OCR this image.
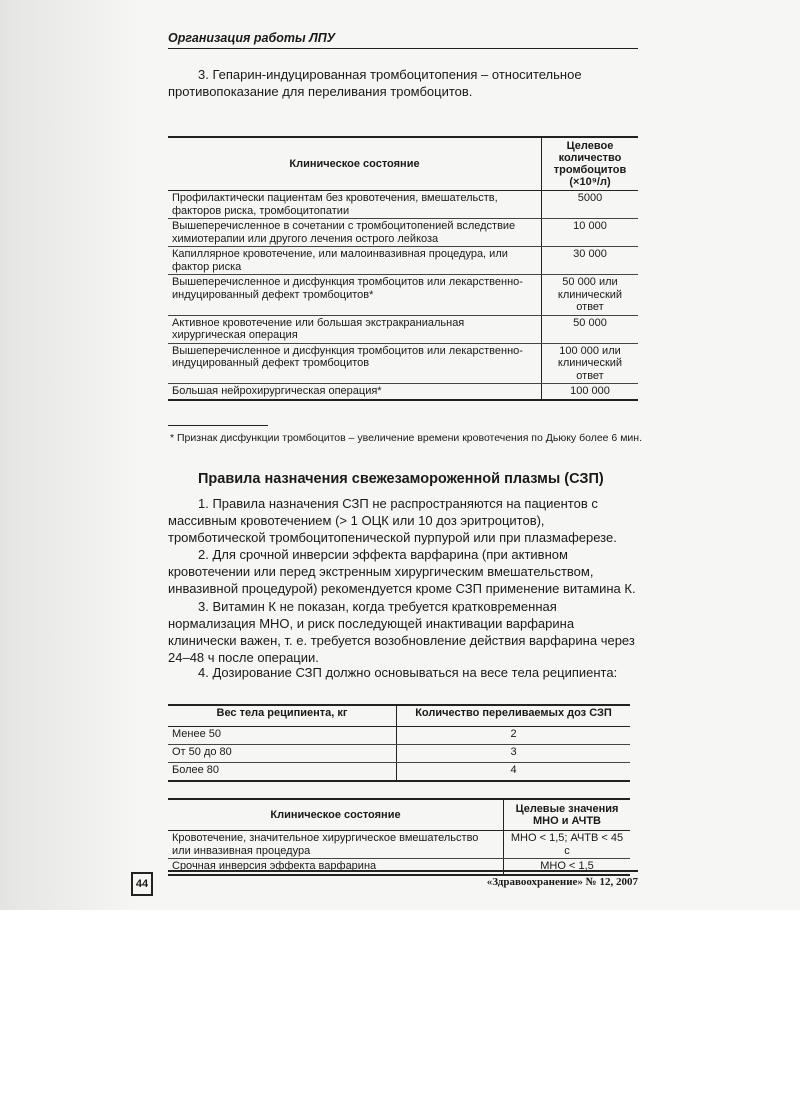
Организация работы ЛПУ
3. Гепарин-индуцированная тромбоцитопения – относительное противопоказание для переливания тромбоцитов.
Клиническое состояние	Целевое количество тромбоцитов (×10⁹/л)
Профилактически пациентам без кровотечения, вмешательств, факторов риска, тромбоцитопатии	5000
Вышеперечисленное в сочетании с тромбоцитопенией вследствие химиотерапии или другого лечения острого лейкоза	10 000
Капиллярное кровотечение, или малоинвазивная процедура, или фактор риска	30 000
Вышеперечисленное и дисфункция тромбоцитов или лекарственно-индуцированный дефект тромбоцитов*	50 000 или клинический ответ
Активное кровотечение или большая экстракраниальная хирургическая операция	50 000
Вышеперечисленное и дисфункция тромбоцитов или лекарственно-индуцированный дефект тромбоцитов	100 000 или клинический ответ
Большая нейрохирургическая операция*	100 000
* Признак дисфункции тромбоцитов – увеличение времени кровотечения по Дьюку более 6 мин.
Правила назначения свежезамороженной плазмы (СЗП)
1. Правила назначения СЗП не распространяются на пациентов с массивным кровотечением (> 1 ОЦК или 10 доз эритроцитов), тромботической тромбоцитопенической пурпурой или при плазмаферезе.
2. Для срочной инверсии эффекта варфарина (при активном кровотечении или перед экстренным хирургическим вмешательством, инвазивной процедурой) рекомендуется кроме СЗП применение витамина К.
3. Витамин К не показан, когда требуется кратковременная нормализация МНО, и риск последующей инактивации варфарина клинически важен, т. е. требуется возобновление действия варфарина через 24–48 ч после операции.
4. Дозирование СЗП должно основываться на весе тела реципиента:
Вес тела реципиента, кг	Количество переливаемых доз СЗП
Менее 50	2
От 50 до 80	3
Более 80	4
Клиническое состояние	Целевые значения МНО и АЧТВ
Кровотечение, значительное хирургическое вмешательство или инвазивная процедура	МНО < 1,5; АЧТВ < 45 с
Срочная инверсия эффекта варфарина	МНО < 1,5
44	«Здравоохранение» № 12, 2007
